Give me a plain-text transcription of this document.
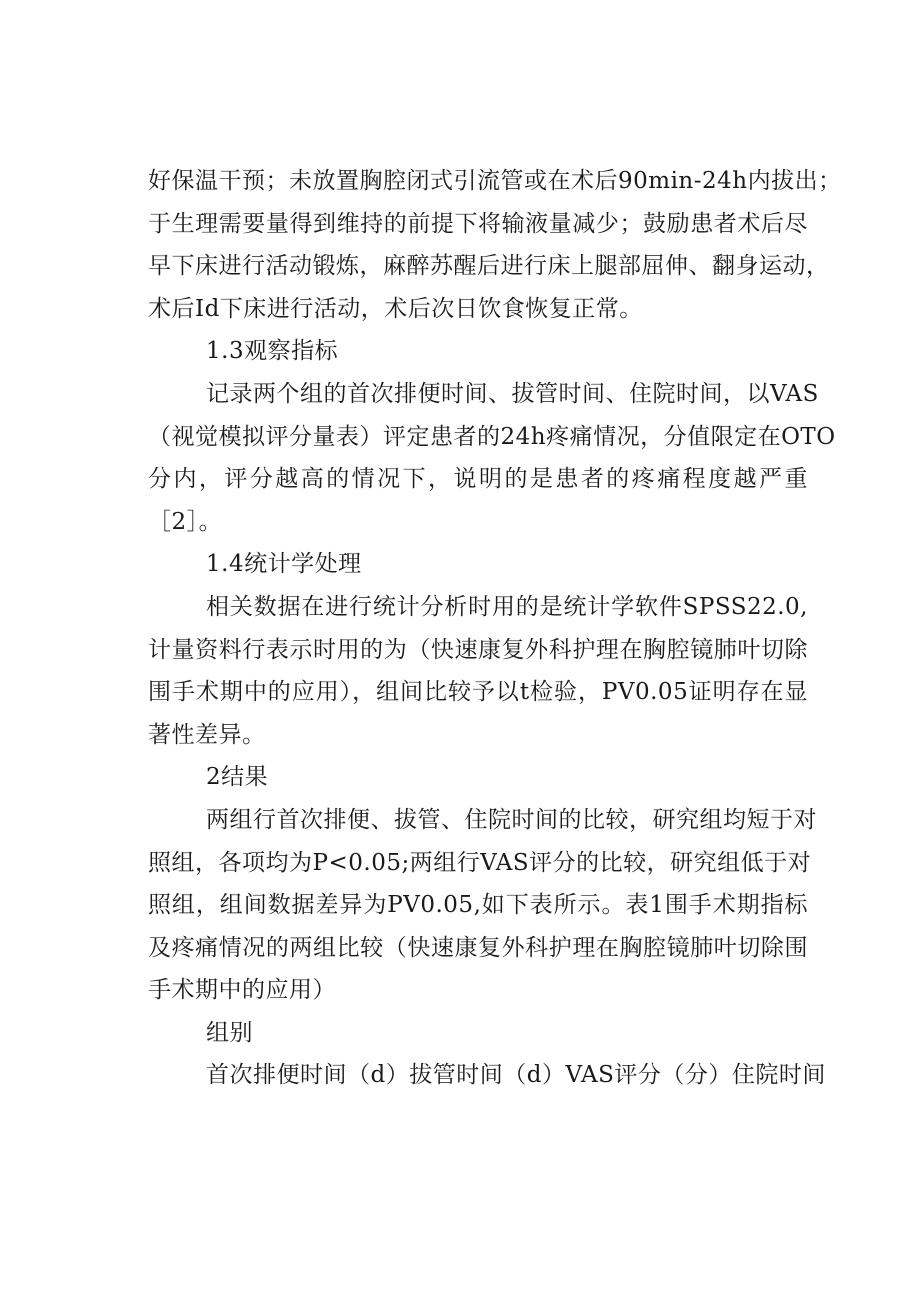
好保温干预；未放置胸腔闭式引流管或在术后90min-24h内拔出；
于生理需要量得到维持的前提下将输液量减少；鼓励患者术后尽
早下床进行活动锻炼，麻醉苏醒后进行床上腿部屈伸、翻身运动，
术后Id下床进行活动，术后次日饮食恢复正常。
1.3观察指标
记录两个组的首次排便时间、拔管时间、住院时间，以VAS
（视觉模拟评分量表）评定患者的24h疼痛情况，分值限定在OTO
分内，评分越高的情况下，说明的是患者的疼痛程度越严重
［2］。
1.4统计学处理
相关数据在进行统计分析时用的是统计学软件SPSS22.0,
计量资料行表示时用的为（快速康复外科护理在胸腔镜肺叶切除
围手术期中的应用），组间比较予以t检验，PV0.05证明存在显
著性差异。
2结果
两组行首次排便、拔管、住院时间的比较，研究组均短于对
照组，各项均为P<0.05;两组行VAS评分的比较，研究组低于对
照组，组间数据差异为PV0.05,如下表所示。表1围手术期指标
及疼痛情况的两组比较（快速康复外科护理在胸腔镜肺叶切除围
手术期中的应用）
组别
首次排便时间（d）拔管时间（d）VAS评分（分）住院时间
